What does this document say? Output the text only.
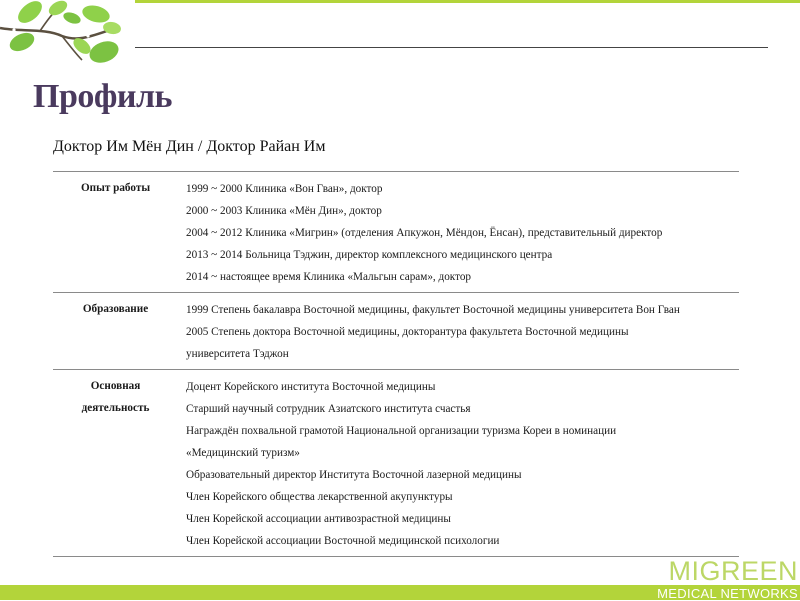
Профиль

Доктор Им Мён Дин / Доктор Райан Им

Опыт работы	1999 ~ 2000 Клиника «Вон Гван», доктор
2000 ~ 2003 Клиника «Мён Дин», доктор
2004 ~ 2012 Клиника «Мигрин» (отделения Апкужон, Мёндон, Ёнсан), представительный директор
2013 ~ 2014 Больница Тэджин, директор комплексного медицинского центра
2014 ~ настоящее время Клиника «Мальгын сарам», доктор
Образование	1999 Степень бакалавра Восточной медицины, факультет Восточной медицины университета Вон Гван
2005 Степень доктора Восточной медицины, докторантура факультета Восточной медицины
университета Тэджон
Основная
деятельность
Доцент Корейского института Восточной медицины
Старший научный сотрудник Азиатского института счастья
Награждён похвальной грамотой Национальной организации туризма Кореи в номинации
«Медицинский туризм»
Образовательный директор Института Восточной лазерной медицины
Член Корейского общества лекарственной акупунктуры
Член Корейской ассоциации антивозрастной медицины
Член Корейской ассоциации Восточной медицинской психологии
MIGREEN
MEDICAL NETWORKS
